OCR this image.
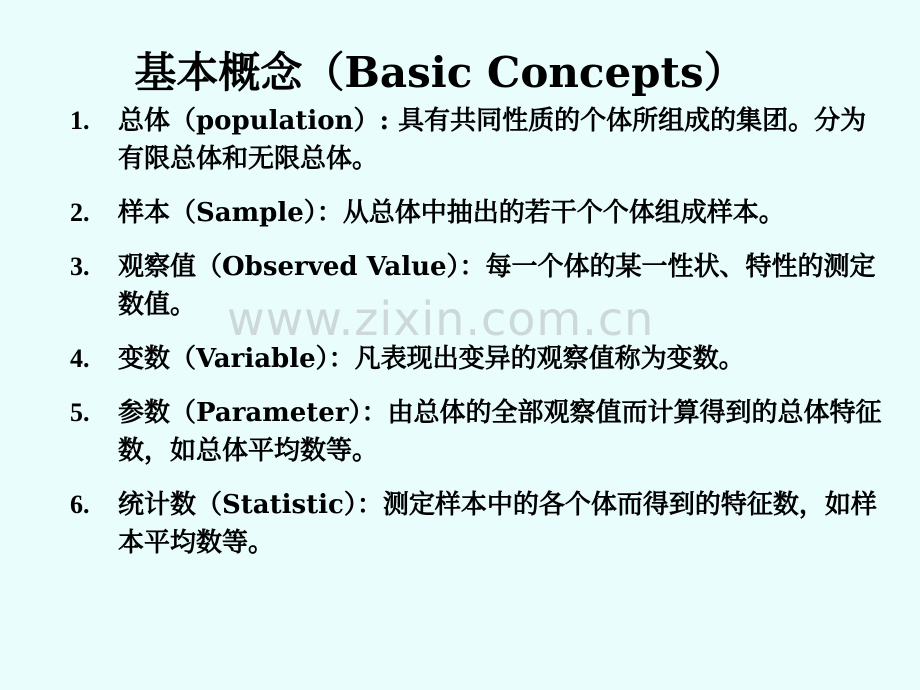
基本概念（Basic Concepts）
1.	总体（population）: 具有共同性质的个体所组成的集团。分为有限总体和无限总体。
2.	样本（Sample）：从总体中抽出的若干个个体组成样本。
3.	观察值（Observed Value）：每一个体的某一性状、特性的测定数值。
4.	变数（Variable）：凡表现出变异的观察值称为变数。
5.	参数（Parameter）：由总体的全部观察值而计算得到的总体特征数，如总体平均数等。
6.	统计数（Statistic）：测定样本中的各个体而得到的特征数，如样本平均数等。
www.zixin.com.cn
